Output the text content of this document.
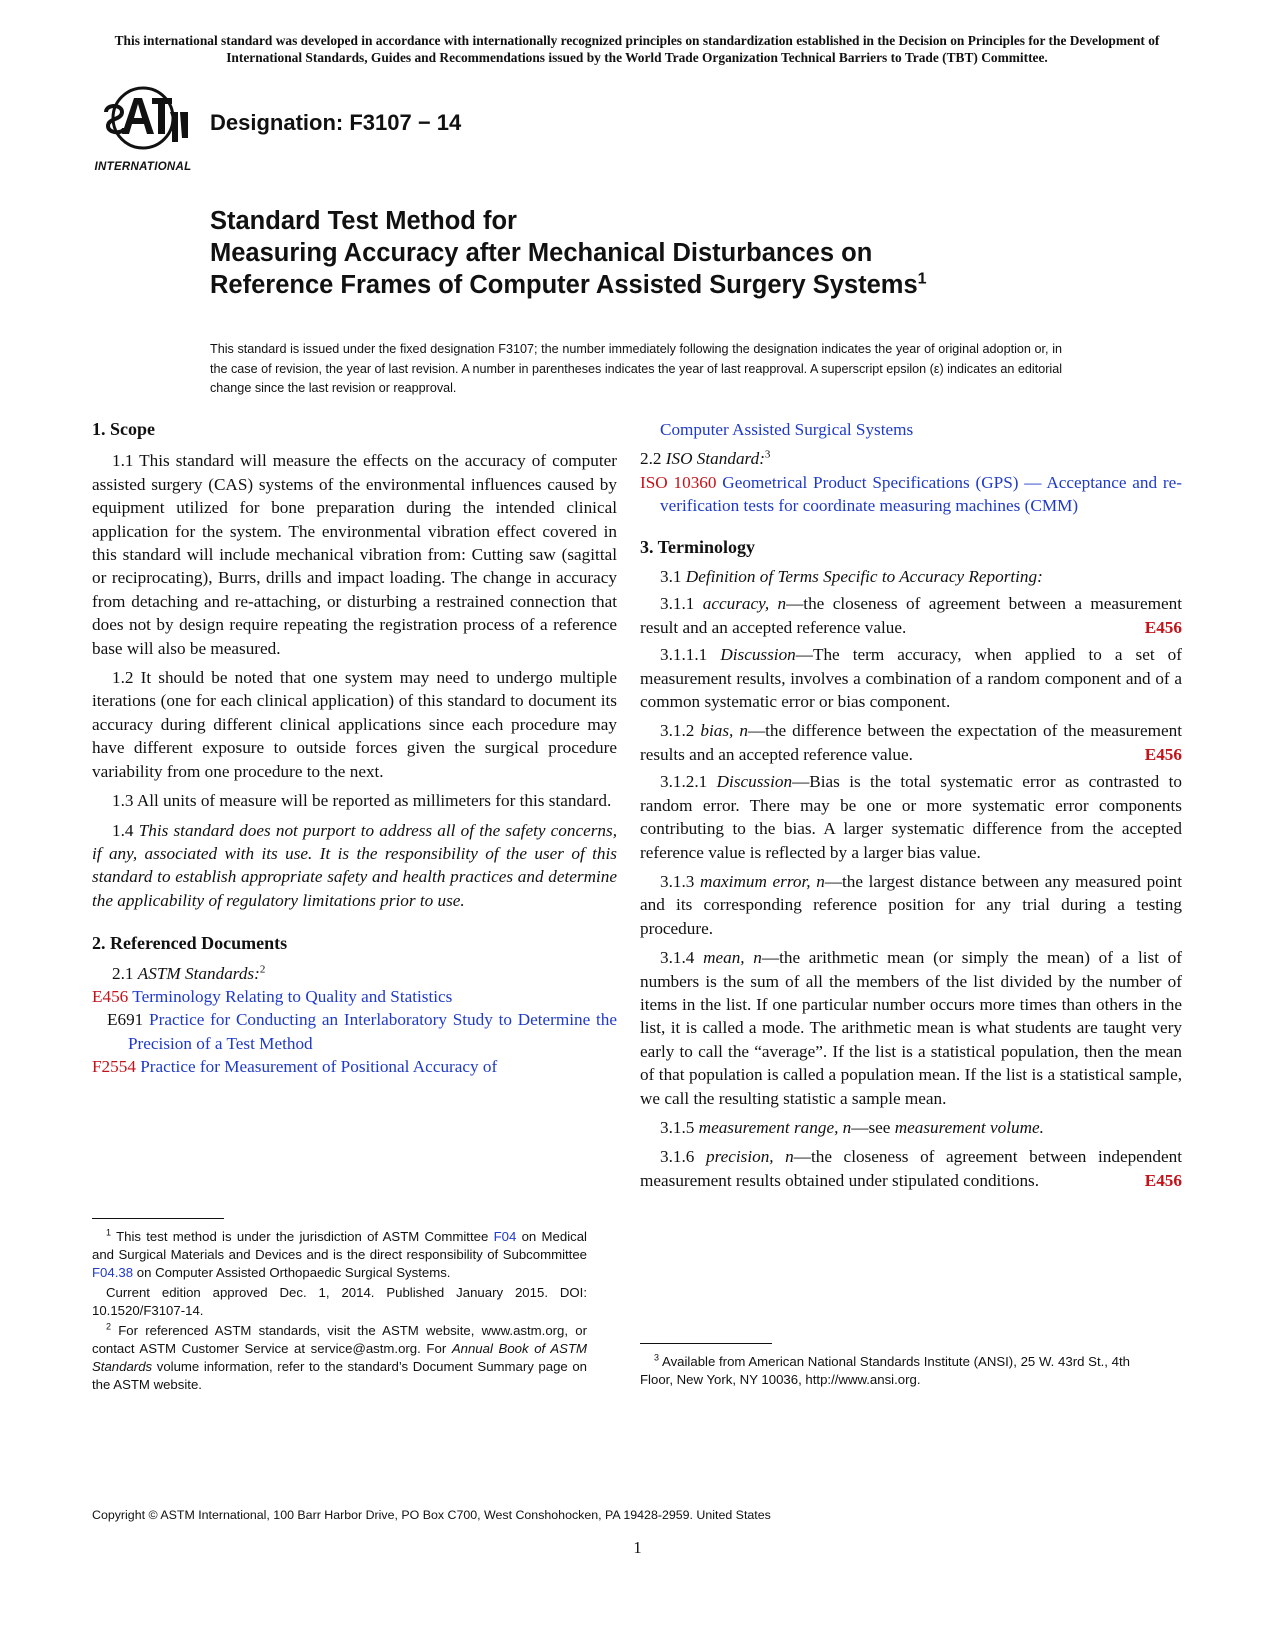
This international standard was developed in accordance with internationally recognized principles on standardization established in the Decision on Principles for the Development of International Standards, Guides and Recommendations issued by the World Trade Organization Technical Barriers to Trade (TBT) Committee.
INTERNATIONAL
Designation: F3107 − 14
Standard Test Method for
Measuring Accuracy after Mechanical Disturbances on
Reference Frames of Computer Assisted Surgery Systems$^1$
This standard is issued under the fixed designation F3107; the number immediately following the designation indicates the year of original adoption or, in the case of revision, the year of last revision. A number in parentheses indicates the year of last reapproval. A superscript epsilon (ε) indicates an editorial change since the last revision or reapproval.
1. Scope

1.1 This standard will measure the effects on the accuracy of computer assisted surgery (CAS) systems of the environmental influences caused by equipment utilized for bone preparation during the intended clinical application for the system. The environmental vibration effect covered in this standard will include mechanical vibration from: Cutting saw (sagittal or reciprocating), Burrs, drills and impact loading. The change in accuracy from detaching and re-attaching, or disturbing a restrained connection that does not by design require repeating the registration process of a reference base will also be measured.

1.2 It should be noted that one system may need to undergo multiple iterations (one for each clinical application) of this standard to document its accuracy during different clinical applications since each procedure may have different exposure to outside forces given the surgical procedure variability from one procedure to the next.

1.3 All units of measure will be reported as millimeters for this standard.

1.4 This standard does not purport to address all of the safety concerns, if any, associated with its use. It is the responsibility of the user of this standard to establish appropriate safety and health practices and determine the applicability of regulatory limitations prior to use.

2. Referenced Documents

2.1 ASTM Standards:$^2$

E456 Terminology Relating to Quality and Statistics

E691 Practice for Conducting an Interlaboratory Study to Determine the Precision of a Test Method

F2554 Practice for Measurement of Positional Accuracy of

$^1$ This test method is under the jurisdiction of ASTM Committee F04 on Medical and Surgical Materials and Devices and is the direct responsibility of Subcommittee F04.38 on Computer Assisted Orthopaedic Surgical Systems.

Current edition approved Dec. 1, 2014. Published January 2015. DOI: 10.1520/F3107-14.

$^2$ For referenced ASTM standards, visit the ASTM website, www.astm.org, or contact ASTM Customer Service at service@astm.org. For Annual Book of ASTM Standards volume information, refer to the standard’s Document Summary page on the ASTM website.

Computer Assisted Surgical Systems

2.2 ISO Standard:$^3$

ISO 10360 Geometrical Product Specifications (GPS) — Acceptance and re-verification tests for coordinate measuring machines (CMM)

3. Terminology

3.1 Definition of Terms Specific to Accuracy Reporting:

3.1.1 accuracy, n—the closeness of agreement between a measurement result and an accepted reference value.	E456

3.1.1.1 Discussion—The term accuracy, when applied to a set of measurement results, involves a combination of a random component and of a common systematic error or bias component.

3.1.2 bias, n—the difference between the expectation of the measurement results and an accepted reference value.	E456

3.1.2.1 Discussion—Bias is the total systematic error as contrasted to random error. There may be one or more systematic error components contributing to the bias. A larger systematic difference from the accepted reference value is reflected by a larger bias value.

3.1.3 maximum error, n—the largest distance between any measured point and its corresponding reference position for any trial during a testing procedure.

3.1.4 mean, n—the arithmetic mean (or simply the mean) of a list of numbers is the sum of all the members of the list divided by the number of items in the list. If one particular number occurs more times than others in the list, it is called a mode. The arithmetic mean is what students are taught very early to call the “average”. If the list is a statistical population, then the mean of that population is called a population mean. If the list is a statistical sample, we call the resulting statistic a sample mean.

3.1.5 measurement range, n—see measurement volume.

3.1.6 precision, n—the closeness of agreement between independent measurement results obtained under stipulated conditions.	E456

$^3$ Available from American National Standards Institute (ANSI), 25 W. 43rd St., 4th Floor, New York, NY 10036, http://www.ansi.org.

Copyright © ASTM International, 100 Barr Harbor Drive, PO Box C700, West Conshohocken, PA 19428-2959. United States
1
